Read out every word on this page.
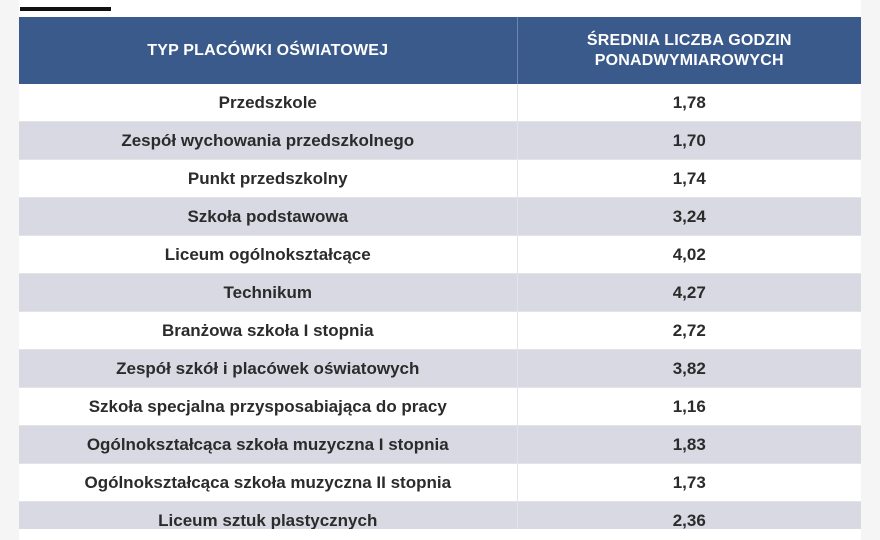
TYP PLACÓWKI OŚWIATOWEJ	ŚREDNIA LICZBA GODZIN PONADWYMIAROWYCH
Przedszkole	1,78
Zespół wychowania przedszkolnego	1,70
Punkt przedszkolny	1,74
Szkoła podstawowa	3,24
Liceum ogólnokształcące	4,02
Technikum	4,27
Branżowa szkoła I stopnia	2,72
Zespół szkół i placówek oświatowych	3,82
Szkoła specjalna przysposabiająca do pracy	1,16
Ogólnokształcąca szkoła muzyczna I stopnia	1,83
Ogólnokształcąca szkoła muzyczna II stopnia	1,73
Liceum sztuk plastycznych	2,36
